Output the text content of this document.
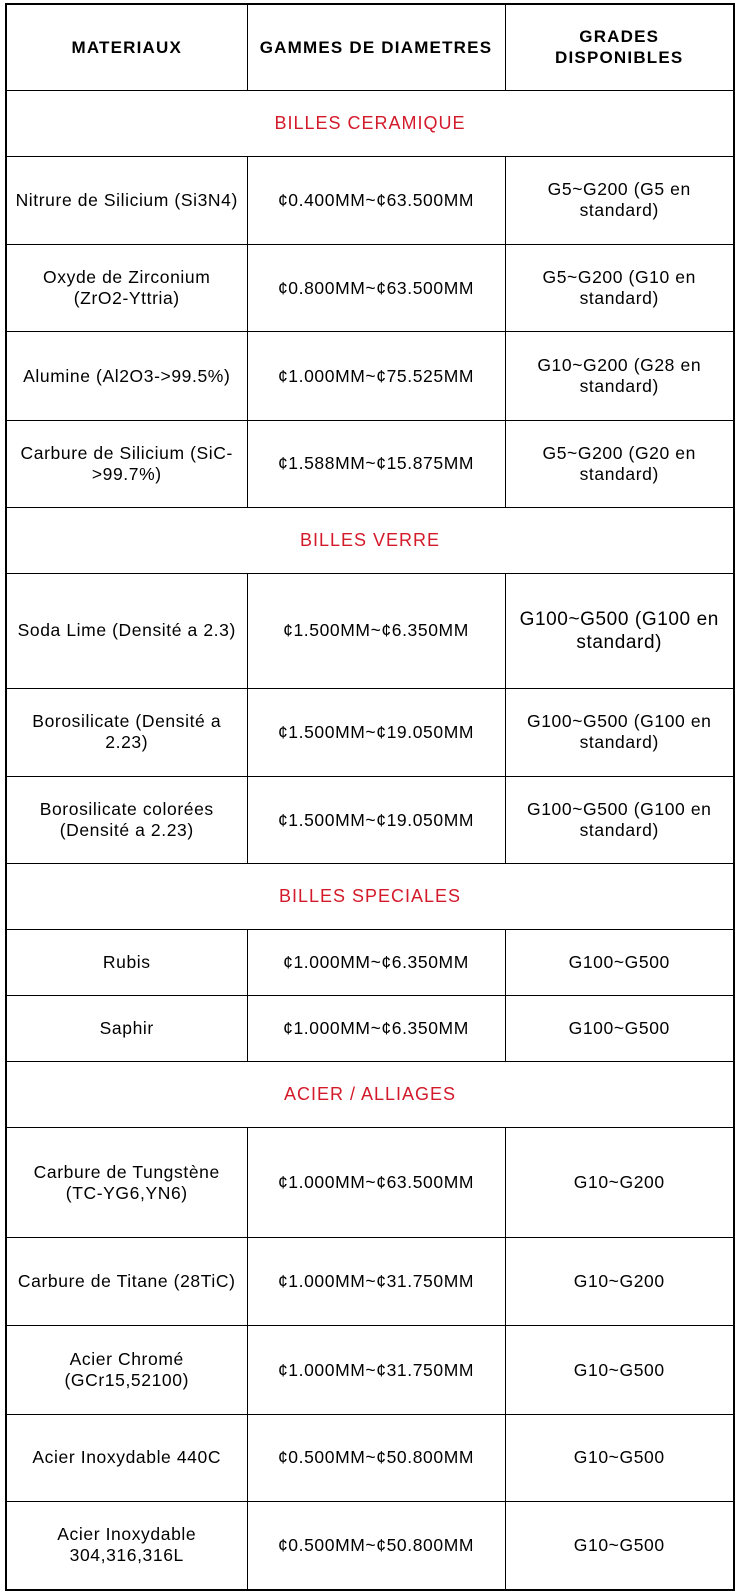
MATERIAUX	GAMMES DE DIAMETRES	GRADES DISPONIBLES
BILLES CERAMIQUE		
Nitrure de Silicium (Si3N4)	¢0.400MM~¢63.500MM	G5~G200 (G5 en standard)
Oxyde de Zirconium (ZrO2-Yttria)	¢0.800MM~¢63.500MM	G5~G200 (G10 en standard)
Alumine (Al2O3->99.5%)	¢1.000MM~¢75.525MM	G10~G200 (G28 en standard)
Carbure de Silicium (SiC->99.7%)	¢1.588MM~¢15.875MM	G5~G200 (G20 en standard)
BILLES VERRE		
Soda Lime (Densité a 2.3)	¢1.500MM~¢6.350MM	G100~G500 (G100 en standard)
Borosilicate (Densité a 2.23)	¢1.500MM~¢19.050MM	G100~G500 (G100 en standard)
Borosilicate colorées (Densité a 2.23)	¢1.500MM~¢19.050MM	G100~G500 (G100 en standard)
BILLES SPECIALES		
Rubis	¢1.000MM~¢6.350MM	G100~G500
Saphir	¢1.000MM~¢6.350MM	G100~G500
ACIER / ALLIAGES		
Carbure de Tungstène (TC-YG6,YN6)	¢1.000MM~¢63.500MM	G10~G200
Carbure de Titane (28TiC)	¢1.000MM~¢31.750MM	G10~G200
Acier Chromé (GCr15,52100)	¢1.000MM~¢31.750MM	G10~G500
Acier Inoxydable 440C	¢0.500MM~¢50.800MM	G10~G500
Acier Inoxydable 304,316,316L	¢0.500MM~¢50.800MM	G10~G500
